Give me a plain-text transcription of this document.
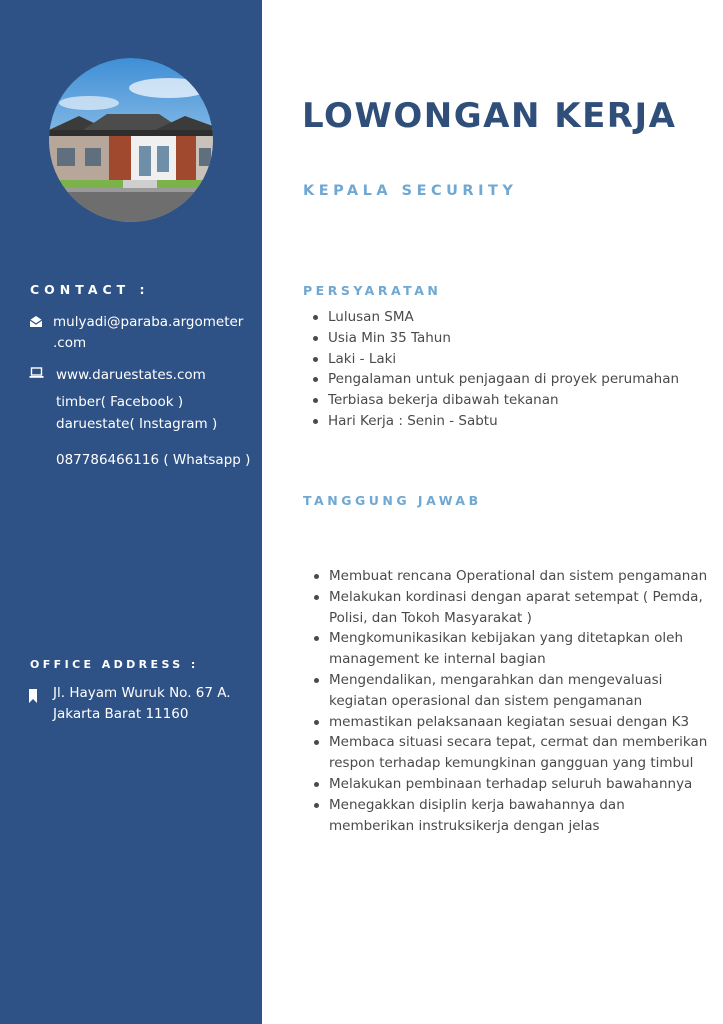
CONTACT :
mulyadi@paraba.argometer
.com
www.daruestates.com
timber( Facebook )
daruestate( Instagram )
087786466116 ( Whatsapp )
OFFICE ADDRESS :
Jl. Hayam Wuruk No. 67 A.
Jakarta Barat 11160
LOWONGAN KERJA
KEPALA SECURITY
PERSYARATAN
Lulusan SMA
Usia Min 35 Tahun
Laki - Laki
Pengalaman untuk penjagaan di proyek perumahan
Terbiasa bekerja dibawah tekanan
Hari Kerja : Senin - Sabtu
TANGGUNG JAWAB
Membuat rencana Operational dan sistem pengamanan
Melakukan kordinasi dengan aparat setempat ( Pemda, Polisi, dan Tokoh Masyarakat )
Mengkomunikasikan kebijakan yang ditetapkan oleh management ke internal bagian
Mengendalikan, mengarahkan dan mengevaluasi kegiatan operasional dan sistem pengamanan
memastikan pelaksanaan kegiatan sesuai dengan K3
Membaca situasi secara tepat, cermat dan memberikan respon terhadap kemungkinan gangguan yang timbul
Melakukan pembinaan terhadap seluruh bawahannya
Menegakkan disiplin kerja bawahannya dan memberikan instruksikerja dengan jelas
